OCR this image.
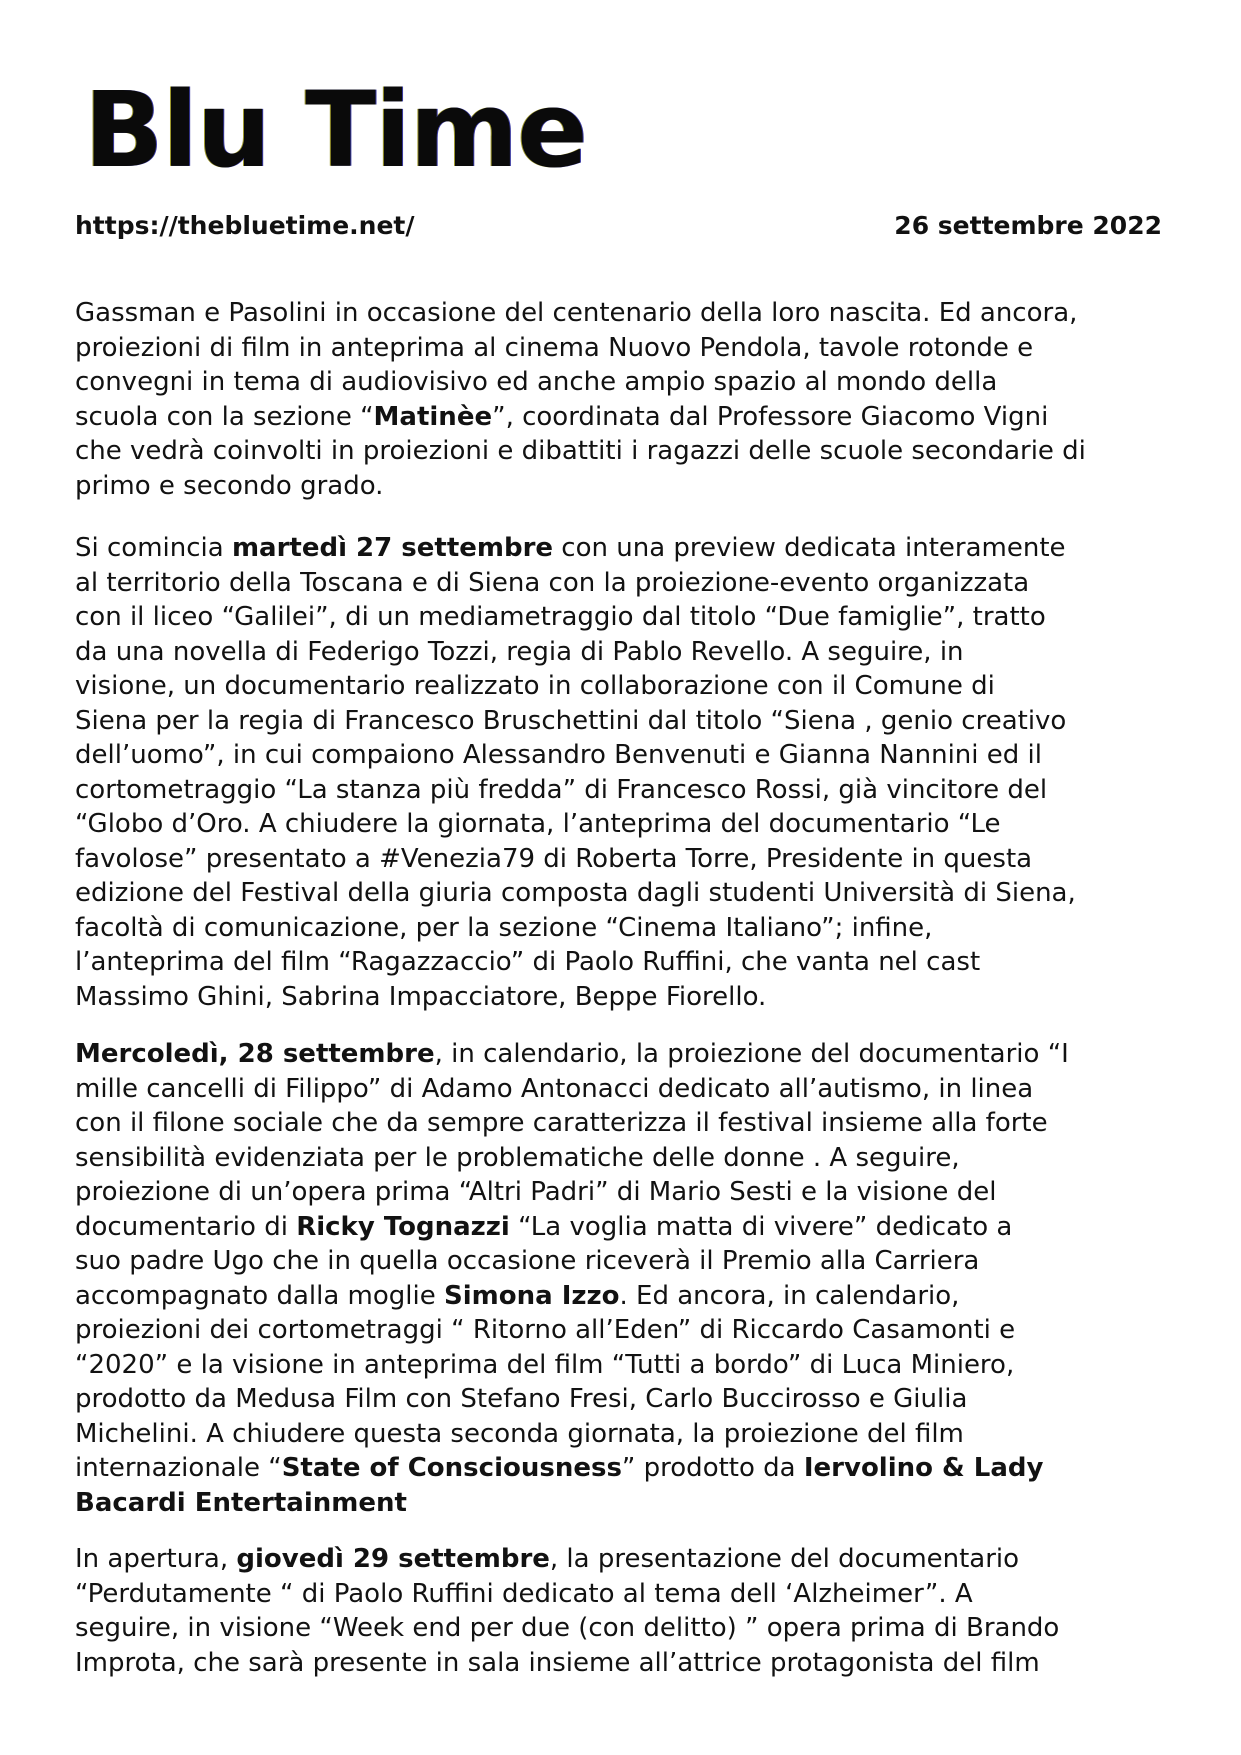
Blu Time
https://thebluetime.net/	26 settembre 2022

Gassman e Pasolini in occasione del centenario della loro nascita. Ed ancora,
proiezioni di film in anteprima al cinema Nuovo Pendola, tavole rotonde e
convegni in tema di audiovisivo ed anche ampio spazio al mondo della
scuola con la sezione “Matinèe”, coordinata dal Professore Giacomo Vigni
che vedrà coinvolti in proiezioni e dibattiti i ragazzi delle scuole secondarie di
primo e secondo grado.

Si comincia martedì 27 settembre con una preview dedicata interamente
al territorio della Toscana e di Siena con la proiezione-evento organizzata
con il liceo “Galilei”, di un mediametraggio dal titolo “Due famiglie”, tratto
da una novella di Federigo Tozzi, regia di Pablo Revello. A seguire, in
visione, un documentario realizzato in collaborazione con il Comune di
Siena per la regia di Francesco Bruschettini dal titolo “Siena , genio creativo
dell’uomo”, in cui compaiono Alessandro Benvenuti e Gianna Nannini ed il
cortometraggio “La stanza più fredda” di Francesco Rossi, già vincitore del
“Globo d’Oro. A chiudere la giornata, l’anteprima del documentario “Le
favolose” presentato a #Venezia79 di Roberta Torre, Presidente in questa
edizione del Festival della giuria composta dagli studenti Università di Siena,
facoltà di comunicazione, per la sezione “Cinema Italiano”; infine,
l’anteprima del film “Ragazzaccio” di Paolo Ruffini, che vanta nel cast
Massimo Ghini, Sabrina Impacciatore, Beppe Fiorello.

Mercoledì, 28 settembre, in calendario, la proiezione del documentario “I
mille cancelli di Filippo” di Adamo Antonacci dedicato all’autismo, in linea
con il filone sociale che da sempre caratterizza il festival insieme alla forte
sensibilità evidenziata per le problematiche delle donne . A seguire,
proiezione di un’opera prima “Altri Padri” di Mario Sesti e la visione del
documentario di Ricky Tognazzi “La voglia matta di vivere” dedicato a
suo padre Ugo che in quella occasione riceverà il Premio alla Carriera
accompagnato dalla moglie Simona Izzo. Ed ancora, in calendario,
proiezioni dei cortometraggi “ Ritorno all’Eden” di Riccardo Casamonti e
“2020” e la visione in anteprima del film “Tutti a bordo” di Luca Miniero,
prodotto da Medusa Film con Stefano Fresi, Carlo Buccirosso e Giulia
Michelini. A chiudere questa seconda giornata, la proiezione del film
internazionale “State of Consciousness” prodotto da Iervolino & Lady
Bacardi Entertainment

In apertura, giovedì 29 settembre, la presentazione del documentario
“Perdutamente “ di Paolo Ruffini dedicato al tema dell ‘Alzheimer”. A
seguire, in visione “Week end per due (con delitto) ” opera prima di Brando
Improta, che sarà presente in sala insieme all’attrice protagonista del film
